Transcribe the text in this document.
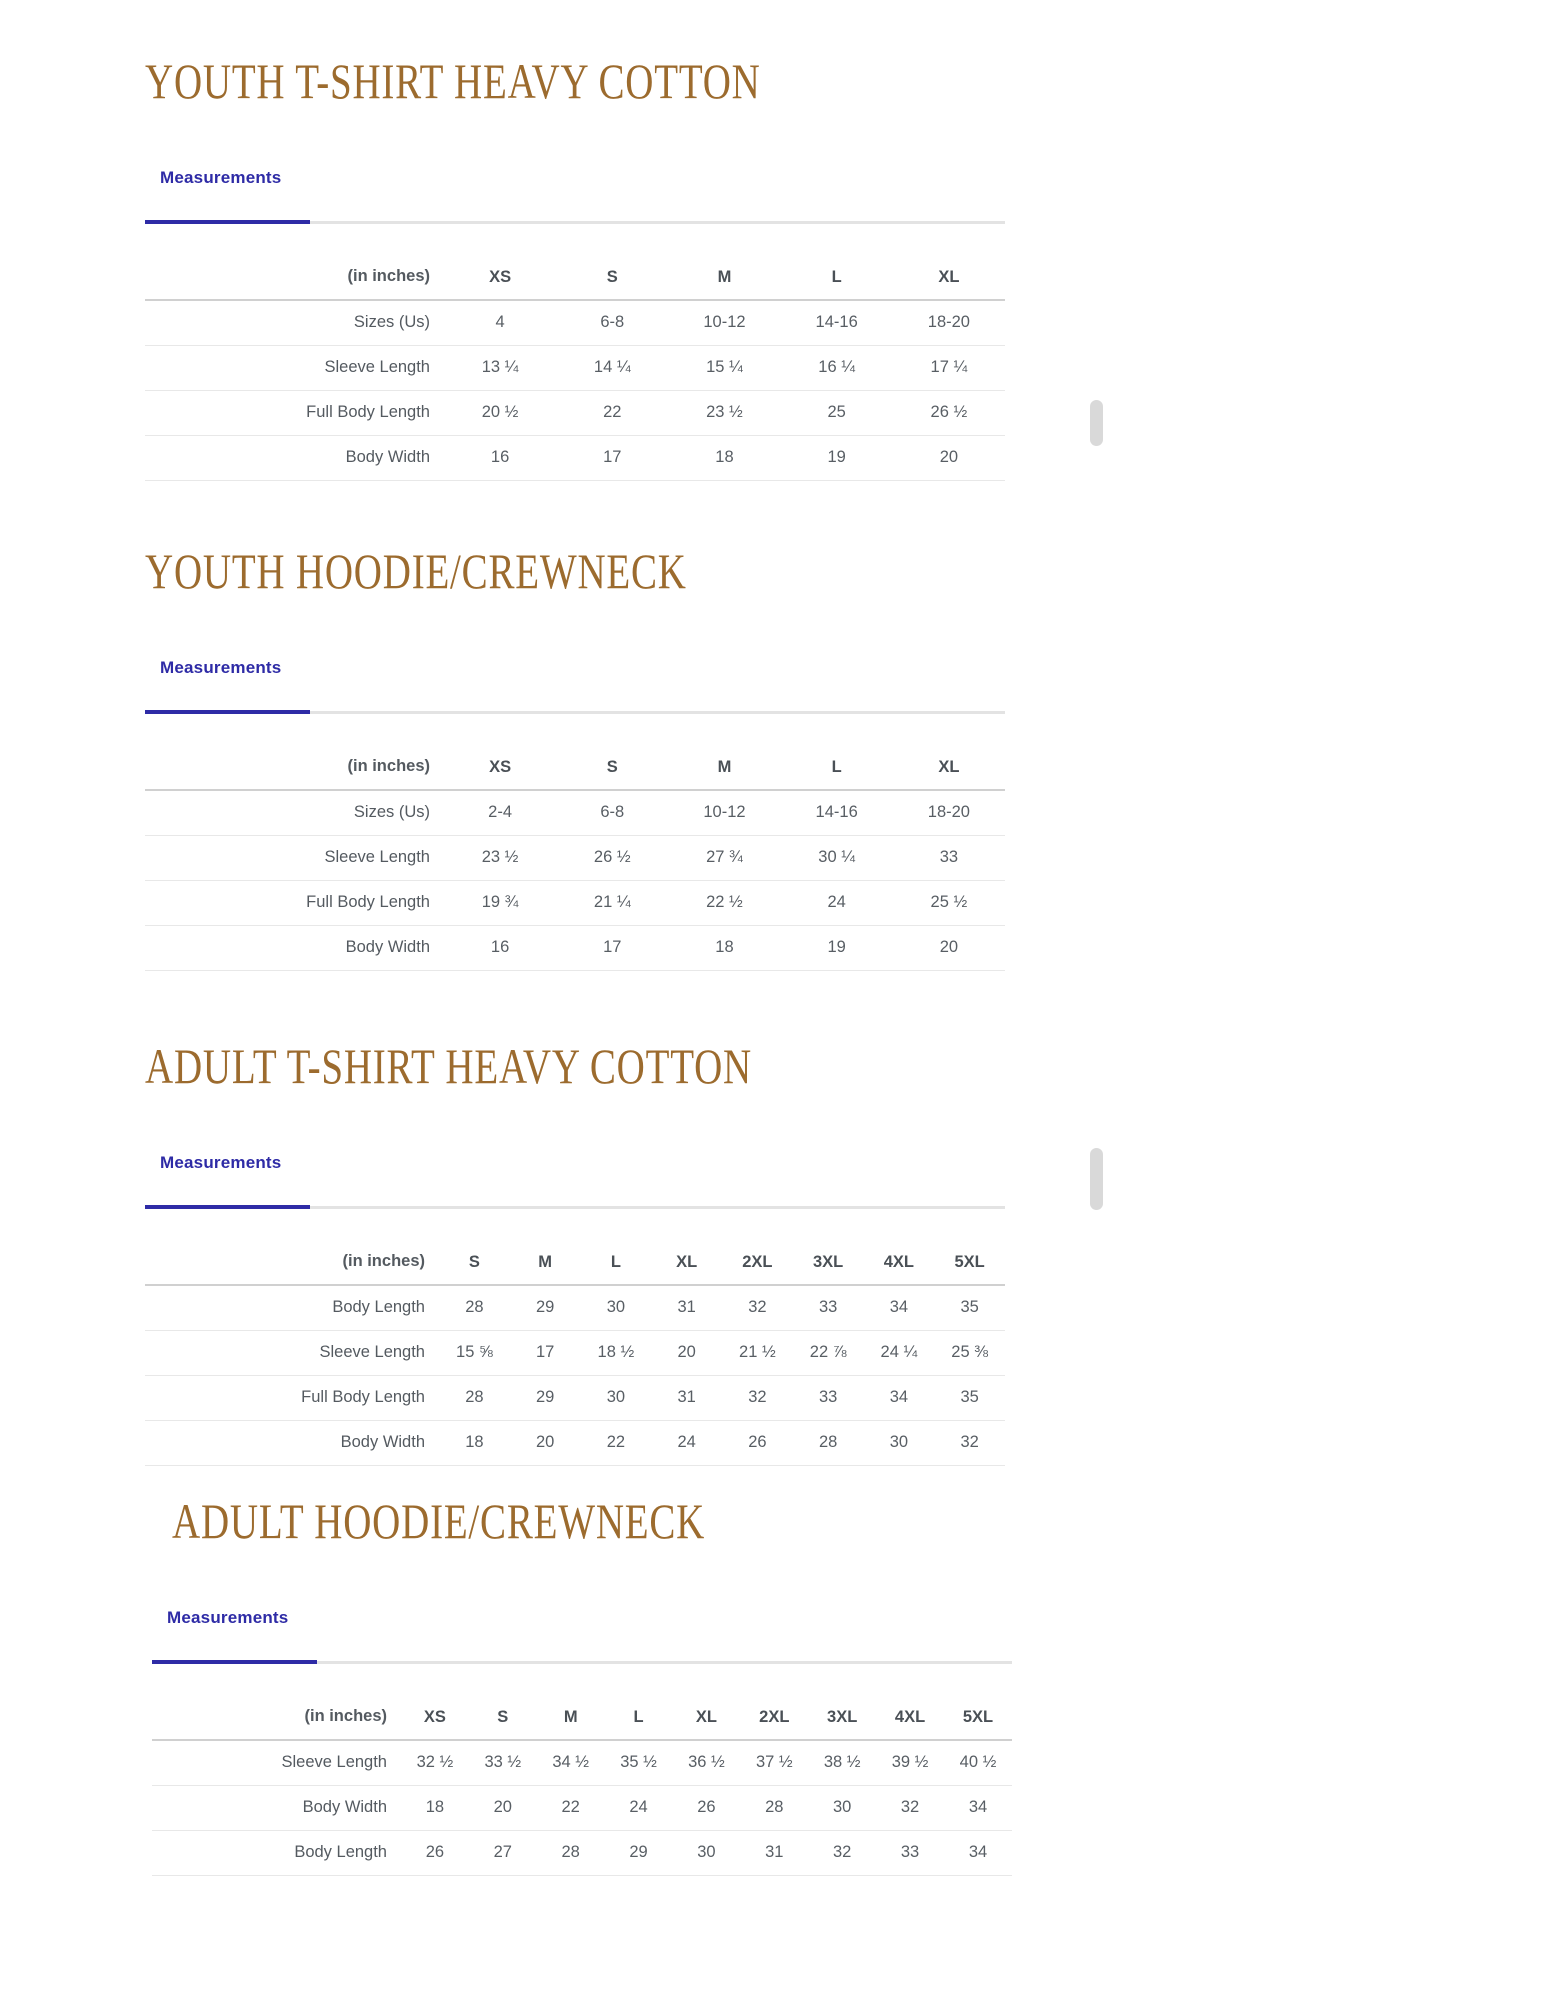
YOUTH T-SHIRT HEAVY COTTON
Measurements
(in inches)	XS	S	M	L	XL
Sizes (Us)	4	6-8	10-12	14-16	18-20
Sleeve Length	13 ¼	14 ¼	15 ¼	16 ¼	17 ¼
Full Body Length	20 ½	22	23 ½	25	26 ½
Body Width	16	17	18	19	20
YOUTH HOODIE/CREWNECK
Measurements
(in inches)	XS	S	M	L	XL
Sizes (Us)	2-4	6-8	10-12	14-16	18-20
Sleeve Length	23 ½	26 ½	27 ¾	30 ¼	33
Full Body Length	19 ¾	21 ¼	22 ½	24	25 ½
Body Width	16	17	18	19	20
ADULT T-SHIRT HEAVY COTTON
Measurements
(in inches)	S	M	L	XL	2XL	3XL	4XL	5XL
Body Length	28	29	30	31	32	33	34	35
Sleeve Length	15 ⅝	17	18 ½	20	21 ½	22 ⅞	24 ¼	25 ⅜
Full Body Length	28	29	30	31	32	33	34	35
Body Width	18	20	22	24	26	28	30	32
ADULT HOODIE/CREWNECK
Measurements
(in inches)	XS	S	M	L	XL	2XL	3XL	4XL	5XL
Sleeve Length	32 ½	33 ½	34 ½	35 ½	36 ½	37 ½	38 ½	39 ½	40 ½
Body Width	18	20	22	24	26	28	30	32	34
Body Length	26	27	28	29	30	31	32	33	34
